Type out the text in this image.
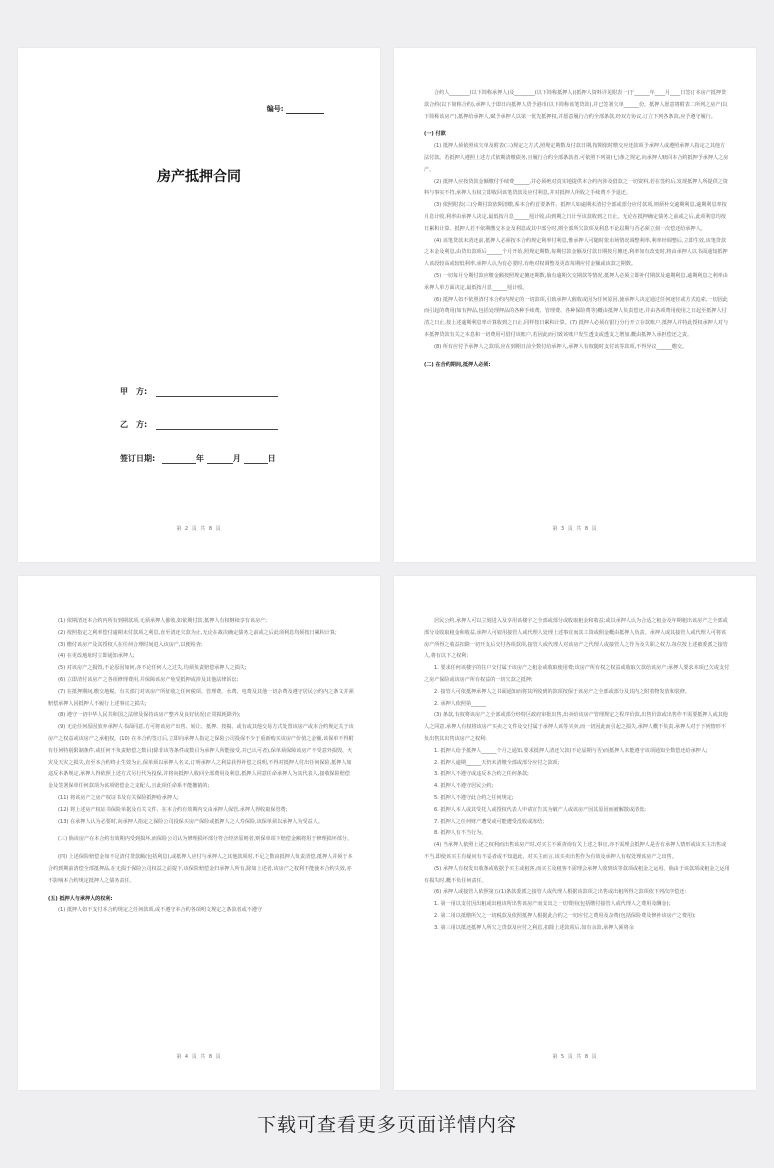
编号:
房产抵押合同
甲　方:
乙　方:
签订日期:	年	月	日
第 2 页 共 8 页

合约人________(以下简称承押人)及________(以下简称抵押人)(抵押人资料详见附表一)于______年____月____日签订本房产抵押贷款合约(以下简称合约),承押人于即日向抵押人贷予港币(以下简称该笔贷款),并已签署欠单______份。抵押人愿意将附表二所列之房产(以下简称该房产),抵押给承押人,赋予承押人以第一优先抵押权,并愿意履行合约全部条款,经双方协议,订立下列各条款,应予遵守履行。

(一) 付款

(1) 抵押人须依照该欠单及附表(三)规定之方式,照规定期数及付款日期,按期依时缴交应还款项予承押人或遵照承押人指定之其他方法付款。若抵押人遵照上述方式依期清缴债务,且履行合约全部条款者,可依照下列第(七)条之规定,向承押人赎回本合约抵押予承押人之房产。

(2) 抵押人应按贷款金额缴付手续费______,并必须绝对真实地提供本合约内涉及借款之一切资料,若在签约后,发现抵押人所提供之资料与事实不符,承押人有权立即收回该笔贷款及应付利息,并对抵押人所收之手续费不予退还。

(3) 依照附表(三)分期付款依期清缴,系本合约首要条件。抵押人如逾期未清付全部或部分应付款项,则须补交逾期利息,逾期利息率按月息计收,利率由承押人决定,最低按月息______厘计收,由到期之日计至该款收到之日止。无论在抵押确定债务之前或之后,此项利息均按日累积计算。抵押人若不依期缴交本金及利息或其中部分时,则全部所欠款项及利息不论届期与否必须立刻一次偿还给承押人。

(4) 该笔贷款未清还前,抵押人必须按本合约规定利率付利息,惟承押人可随时依市场情况调整利率,利率经调整后,立即生效,该笔贷款之本金及利息,由贷出款项后______个月开始,照规定期数,每期付款金额及付款日期按月摊还,利率如有改变时,将由承押人以书面通知抵押人该段较高或较低利率,承押人认为有必要时,有绝对权调整及更改每期应付金额或该款之期数。

(5) 一切每月分期付款应缴金额按照规定摊还期数,倘有逾期欠交期款等情况,抵押人必须立即补付期款及逾期利息,逾期利息之利率由承押人单方面决定,最低按月息______厘计收。

(6) 抵押人如不依照清付本合约内规定的一切款项,引致承押人催收或因为任何原因,使承押人决定通过任何途径或方式追索,一切因此而引起的费用(如有押品,包括处理押品的各种手续费、管理费、各种保险费等)概由抵押人负责偿还,并由各项费用使用之日起至抵押人付清之日止,按上述逾期利息率计算收到之日止,同样按日累积计算。(7) 抵押人必须在银行分行开立存款账户,抵押人并特此授权承押人对与本抵押贷款有关之本息和一切费用可借付该账户,若因此而引致该账户发生透支或透支之增加,概由抵押人承担偿还之责。

(8) 所有应付予承押人之款项,应在到期日前全数付给承押人,承押人有权随时支付该等款项,不得异议______缴交。

(二) 在合约期间,抵押人必须:

第 3 页 共 8 页

(1) 依期清还本合约内所有到期款项,无须承押人催收,如依期付款,抵押人有权继续享有该房产;

(2) 按照指定之利率偿付逾期未付款项之利息,直至清还欠款为止,无论在裁决确定债务之前或之后此项利息均须按日累积计算;

(3) 缴付该房产及其授权人在任何合理时间进入该房产,以便检查:

(4) 在更改地址时立即通知承押人;

(5) 对该房产之损毁,不论原因如何,亦不论任何人之过失,均须负责赔偿承押人之损失;

(6) 立即清付该房产之各项修理费用,并保障该房产免受抵押或涉及其他法律诉讼;

(7) 在抵押期间,缴交地税、有关部门对该房产所征收之任何税项、管理费、水费、电费及其他一切杂费及遵守居民公约内之条文并须赔偿承押人因抵押人不履行上述事宜之损失;

(8) 遵守一切中华人民共和国之法律及保持该房产整齐及良好状况(正常损耗除外);

(9) 无论任何原因放弃承押人书面同意,方可将该房产出售、转让、抵押、按揭、或有或其他交易方式处置该房产或本合约规定关于该房产之权益或该房产之承租权。(10) 在本合约签订后,立即向承押人指定之保险公司投保不少于重新购买该房产价值之金额,该保单不得附有任何特别限制条件,或任何不负责赔偿之数目(除非该等条件或数目为承押人所能接受,并已认可者),保单须保障该房产不受意外损毁、火灾及天灾之损失,直至本合约终止生效为止,保单须以承押人名义,订明承押人之利益获得补偿之说明,不得对抵押人付出任何保险,抵押人如违反本条规定,承押人得依照上述方式另行代为投保,并将向抵押人收回全部费用及利息,抵押人同意任命承押人为其代表人,接收保险赔偿金及签署保单任何款项为该项赔偿金之支配人,且此项任命系不能撤销的;

(11) 将该房产之房产权证书及有关保险抵押给承押人;

(12) 将上述房产权证书保险单据及有关文件、在本合约有效期内交由承押人保管,承押人得收取保管费;

(13) 在承押人认为必要时,向承押人指定之保险公司投保买房产保险或抵押人之人寿保险,该保单须以承押人为受益人。

(三) 倘该房产在本合约有效期内受到损坏,而保险公司认为修理损坏部分符合经济原则者,则保单项下赔偿金额将用于修理损坏部分。

(四) 上述保险赔偿金如不足清付贷款额(包括利息),或抵押人应付与承押人之其他款项时,不足之数由抵押人负责清偿,抵押人并须于本合约到期前清偿全部抵押品,在无损于保险公司权益之前提下,该保险赔偿金归承押人所有,除如上述者,该房产之权利不能使本合约失效,亦不影响本合约规定抵押人之债务责任。

(五) 抵押人与承押人的权利:

(1) 抵押人如不支付本合约规定之任何款项,或不遵守本合约各项明文规定之条款者或不遵守

第 4 页 共 8 页

居民公约,承押人可以立刻进入及享用该楼宇之全部或部分或收取租金和收益;或以承押人认为合适之租金及年期租出该房产之全部或部分及收取租金和收益,承押人可雇用接管人或代理人处理上述事宜而其工资或佣金概由抵押人负责。承押人或其接管人或代理人可将该房产所得之收益扣除一切开支后交付各项款项,接管人或代理人对该房产之代理人或接管人之作为及失职之权力,每位按上述被委派之接管人,将有以下之权利:

1. 要求任何该楼宇的住户交付属于该房产之租金或收取使用费;该房产所有权之权益或收取欠款给该房产;承押人要求本项已欠或支付之房产保险或该房产所有权益的一切欠款之抵押;

2. 接管人可依抵押承押人之书面通知而将其所收到的款项按保于该房产之全部或部分及其内之附着物发放和装修。

2. 承押人依照第______

(3) 条款,有权将该房产之全部或部分经特区政府审批出售,出卖给该房产管理规定之程序价款,出售价款或出售作不需要抵押人或其他人之同意,承押人有权将该房产买卖之文件及交付属于承押人该等买卖,而一切因此而引起之损失,承押人概不负责,承押人对于下列情形不负出售其出售该房产之权利:

1. 抵押人给予抵押人______个月之通知,要求抵押人清还欠款(不论届期与否)而抵押人未能遵守该项通知全数偿还给承押人;

2. 抵押人逾期______天仍未清缴全部或部分应付之款项;

3. 抵押人不遵守或违反本合约之任何条款;

4. 抵押人不遵守居民公约;

5. 抵押人不遵守此合约之任何规定;

6. 抵押人本人或其受托人或授权代表人申请宣告其为破产人或该房产因其原因而被解散或清盘;

7. 抵押人之任何财产遭受或可能遭受没收或冻结;

8. 抵押人有不当行为。

(4) 当承押人依照上述之权利而出售该房产时,对买主不须查询有关上述之事宜,亦不需理会抵押人是否有承押人情形或该买主出售或不当,即使该买主有疑问有不妥者或不知道此、对买主而言,该买卖出售作为有效及承押人有权处理该房产之出售。

(5) 承押人有权发出收条或收据予买主或租客,而买主及租客不需理会承押人收到该等款项或租金之运用。倘由于该款项或租金之运用有损失时,概不负任何责任。

(6) 承押人或接管人依照第五(1)条款委派之接管人或代理人根据该款项之出售或出租所得之款项依下列次序偿还:

1. 第一用以支付因出租或出租该所出售该房产而支出之一切费用(包括缴付接管人或代理人之费用及酬金);

2. 第二用以抵缴所欠之一切税款及依照抵押人根据此合约之一切应付之费用及杂费(包括保险费及修补该房产之费用);

3. 第三用以抵还抵押人所欠之贷款及应付之利息,扣除上述款项后,如有余款,承押人须将余

第 5 页 共 8 页
下载可查看更多页面详情内容
